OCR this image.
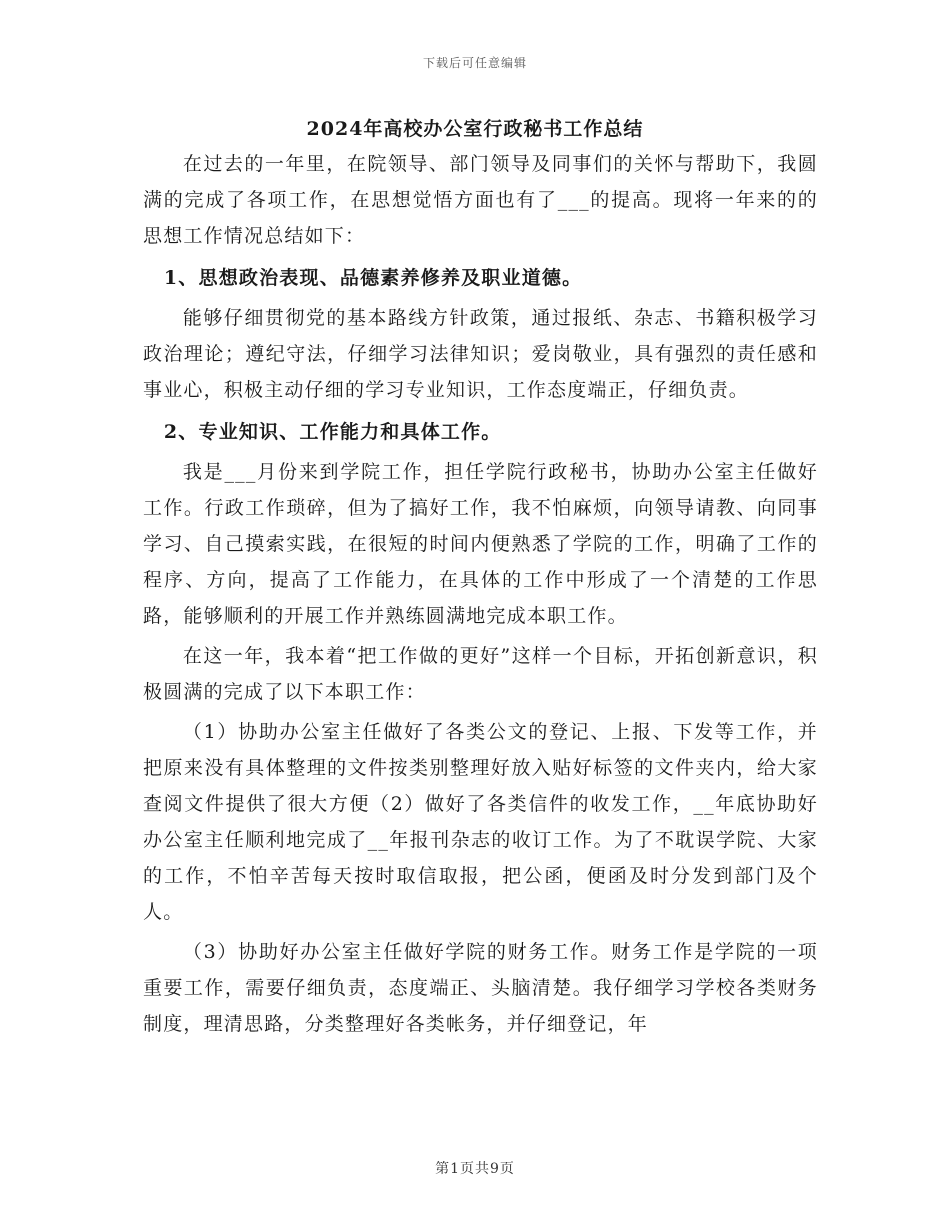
下载后可任意编辑
2024年高校办公室行政秘书工作总结

在过去的一年里，在院领导、部门领导及同事们的关怀与帮助下，我圆满的完成了各项工作，在思想觉悟方面也有了___的提高。现将一年来的的思想工作情况总结如下：

1、思想政治表现、品德素养修养及职业道德。

能够仔细贯彻党的基本路线方针政策，通过报纸、杂志、书籍积极学习政治理论；遵纪守法，仔细学习法律知识；爱岗敬业，具有强烈的责任感和事业心，积极主动仔细的学习专业知识，工作态度端正，仔细负责。

2、专业知识、工作能力和具体工作。

我是___月份来到学院工作，担任学院行政秘书，协助办公室主任做好工作。行政工作琐碎，但为了搞好工作，我不怕麻烦，向领导请教、向同事学习、自己摸索实践，在很短的时间内便熟悉了学院的工作，明确了工作的程序、方向，提高了工作能力，在具体的工作中形成了一个清楚的工作思路，能够顺利的开展工作并熟练圆满地完成本职工作。

在这一年，我本着“把工作做的更好”这样一个目标，开拓创新意识，积极圆满的完成了以下本职工作：

（1）协助办公室主任做好了各类公文的登记、上报、下发等工作，并把原来没有具体整理的文件按类别整理好放入贴好标签的文件夹内，给大家查阅文件提供了很大方便（2）做好了各类信件的收发工作，__年底协助好办公室主任顺利地完成了__年报刊杂志的收订工作。为了不耽误学院、大家的工作，不怕辛苦每天按时取信取报，把公函，便函及时分发到部门及个人。

（3）协助好办公室主任做好学院的财务工作。财务工作是学院的一项重要工作，需要仔细负责，态度端正、头脑清楚。我仔细学习学校各类财务制度，理清思路，分类整理好各类帐务，并仔细登记，年

第1页共9页
